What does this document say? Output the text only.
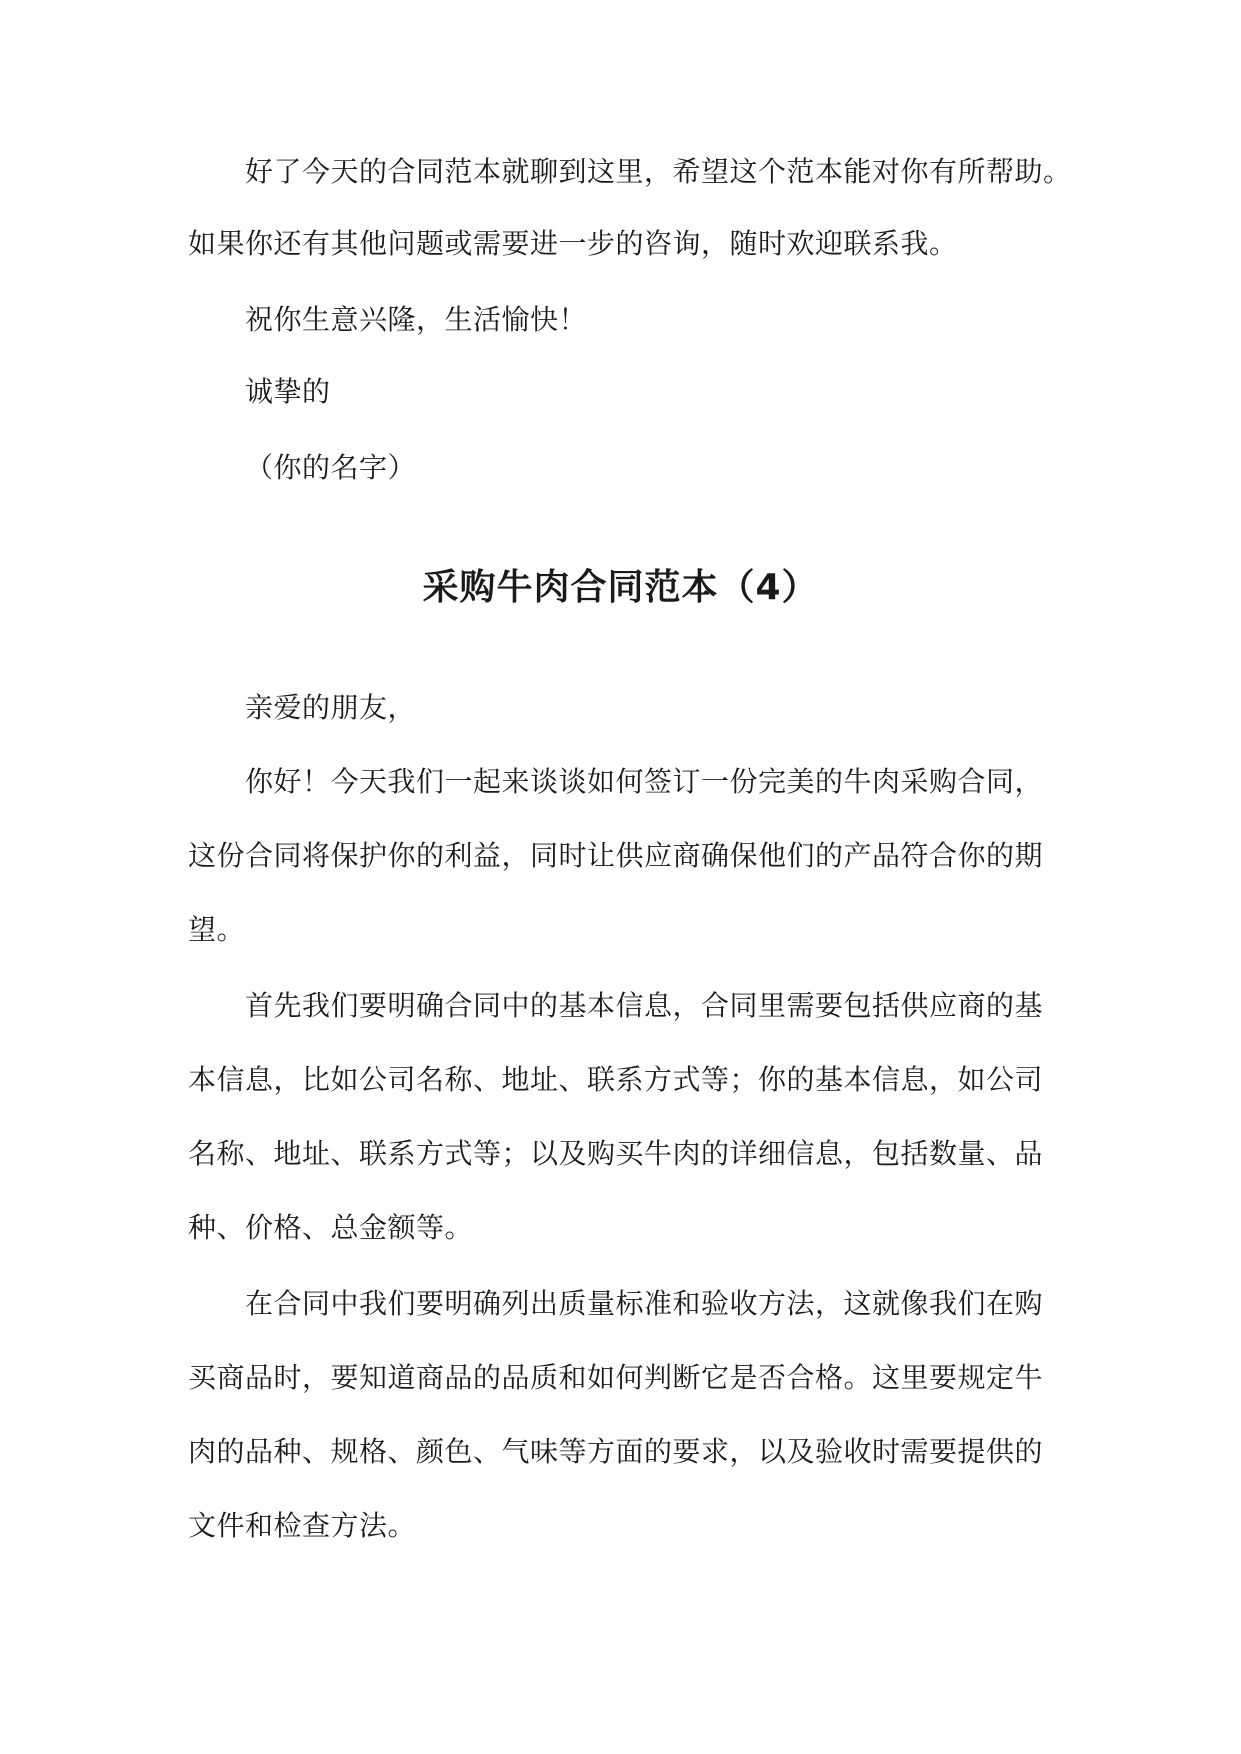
好了今天的合同范本就聊到这里，希望这个范本能对你有所帮助。

如果你还有其他问题或需要进一步的咨询，随时欢迎联系我。

祝你生意兴隆，生活愉快！

诚挚的

（你的名字）

采购牛肉合同范本（4）

亲爱的朋友，

你好！今天我们一起来谈谈如何签订一份完美的牛肉采购合同，

这份合同将保护你的利益，同时让供应商确保他们的产品符合你的期

望。

首先我们要明确合同中的基本信息，合同里需要包括供应商的基

本信息，比如公司名称、地址、联系方式等；你的基本信息，如公司

名称、地址、联系方式等；以及购买牛肉的详细信息，包括数量、品

种、价格、总金额等。

在合同中我们要明确列出质量标准和验收方法，这就像我们在购

买商品时，要知道商品的品质和如何判断它是否合格。这里要规定牛

肉的品种、规格、颜色、气味等方面的要求，以及验收时需要提供的

文件和检查方法。
